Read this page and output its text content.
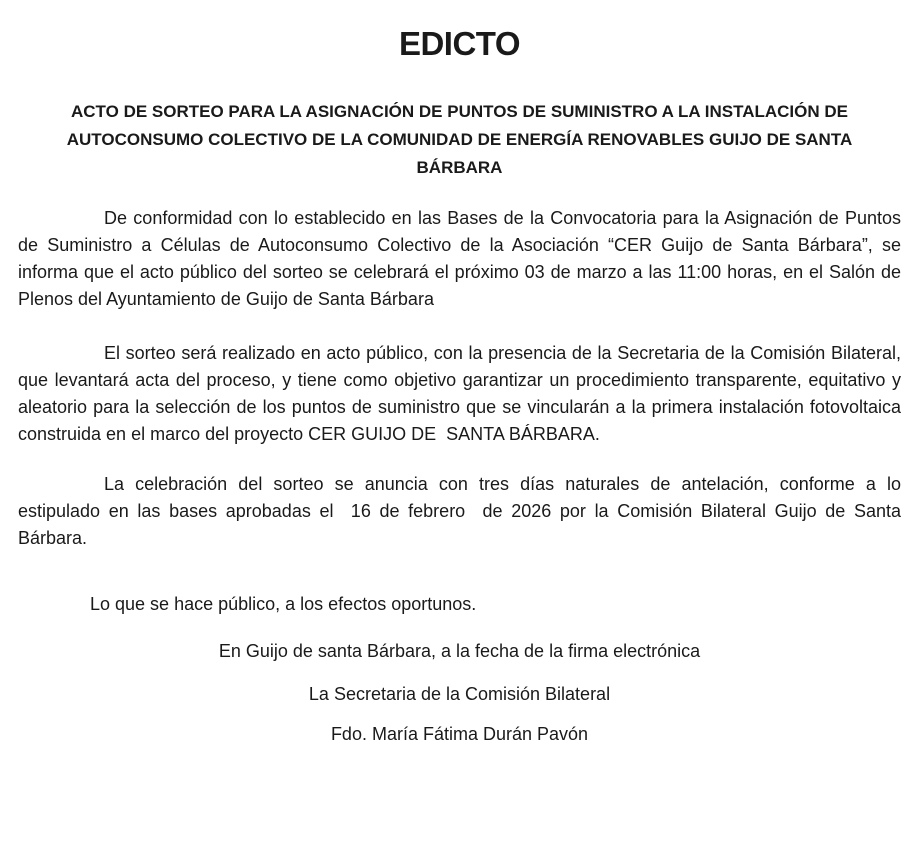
EDICTO
ACTO DE SORTEO PARA LA ASIGNACIÓN DE PUNTOS DE SUMINISTRO A LA INSTALACIÓN DE
AUTOCONSUMO COLECTIVO DE LA COMUNIDAD DE ENERGÍA RENOVABLES GUIJO DE SANTA
BÁRBARA

De conformidad con lo establecido en las Bases de la Convocatoria para la Asignación de Puntos de Suministro a Células de Autoconsumo Colectivo de la Asociación “CER Guijo de Santa Bárbara”, se informa que el acto público del sorteo se celebrará el próximo 03 de marzo a las 11:00 horas, en el Salón de Plenos del Ayuntamiento de Guijo de Santa Bárbara

El sorteo será realizado en acto público, con la presencia de la Secretaria de la Comisión Bilateral, que levantará acta del proceso, y tiene como objetivo garantizar un procedimiento transparente, equitativo y aleatorio para la selección de los puntos de suministro que se vincularán a la primera instalación fotovoltaica construida en el marco del proyecto CER GUIJO DE  SANTA BÁRBARA.

La celebración del sorteo se anuncia con tres días naturales de antelación, conforme a lo estipulado en las bases aprobadas el  16 de febrero  de 2026 por la Comisión Bilateral Guijo de Santa Bárbara.

Lo que se hace público, a los efectos oportunos.

En Guijo de santa Bárbara, a la fecha de la firma electrónica

La Secretaria de la Comisión Bilateral

Fdo. María Fátima Durán Pavón
